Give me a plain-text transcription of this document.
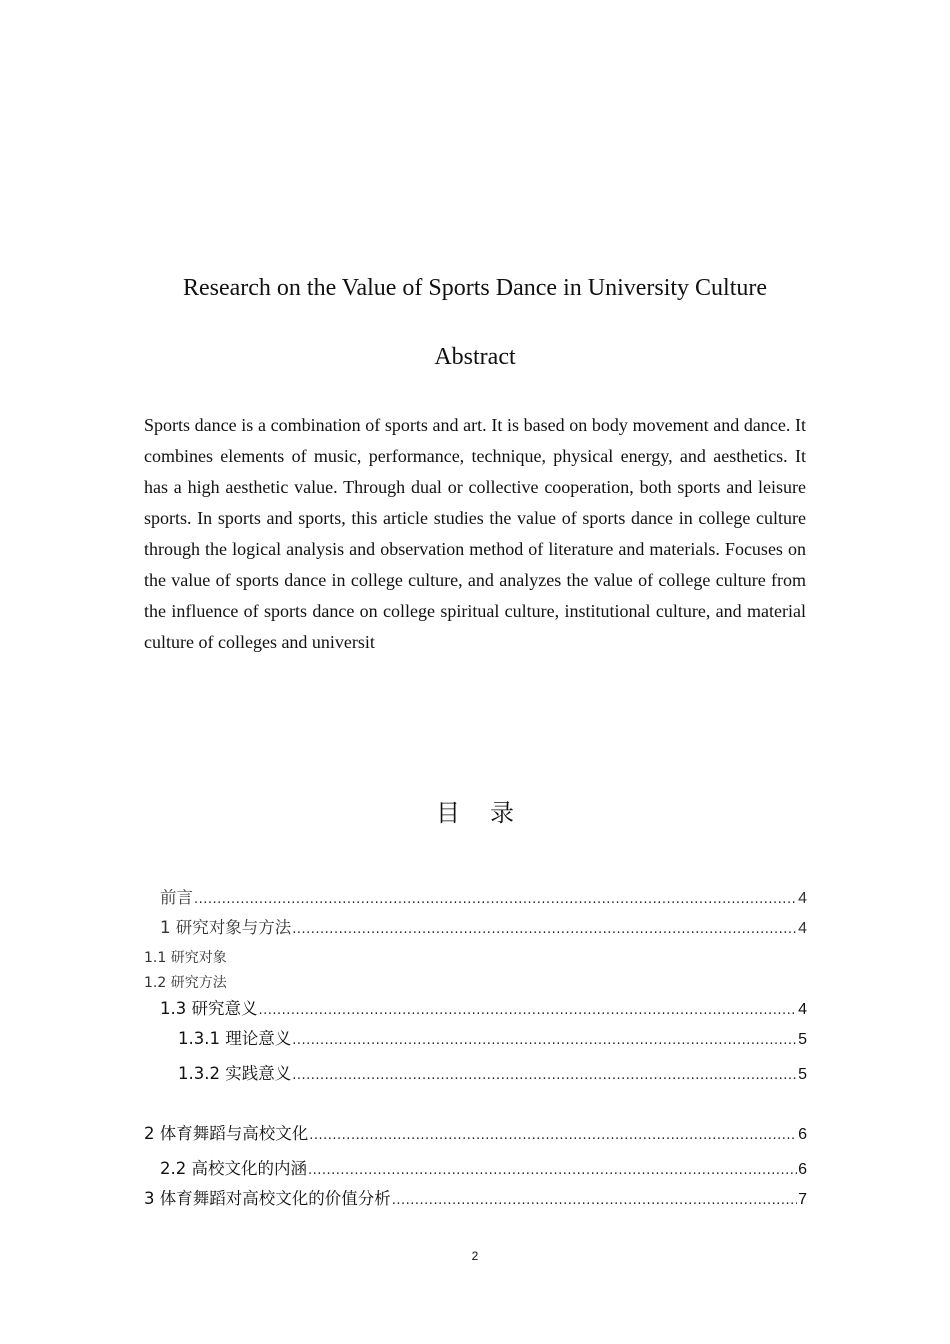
Research on the Value of Sports Dance in University Culture
Abstract

Sports dance is a combination of sports and art. It is based on body movement and dance. It combines elements of music, performance, technique, physical energy, and aesthetics. It has a high aesthetic value. Through dual or collective cooperation, both sports and leisure sports. In sports and sports, this article studies the value of sports dance in college culture through the logical analysis and observation method of literature and materials. Focuses on the value of sports dance in college culture, and analyzes the value of college culture from the influence of sports dance on college spiritual culture, institutional culture, and material culture of colleges and universit

目录
前言 .....	4
1 研究对象与方法 .....	4
1.1 研究对象
1.2 研究方法
1.3 研究意义 .....	4
1.3.1 理论意义 .....	5
1.3.2 实践意义 .....	5
2 体育舞蹈与高校文化 .....	6
2.2 高校文化的内涵 .....	6
3 体育舞蹈对高校文化的价值分析 .....	7
2
